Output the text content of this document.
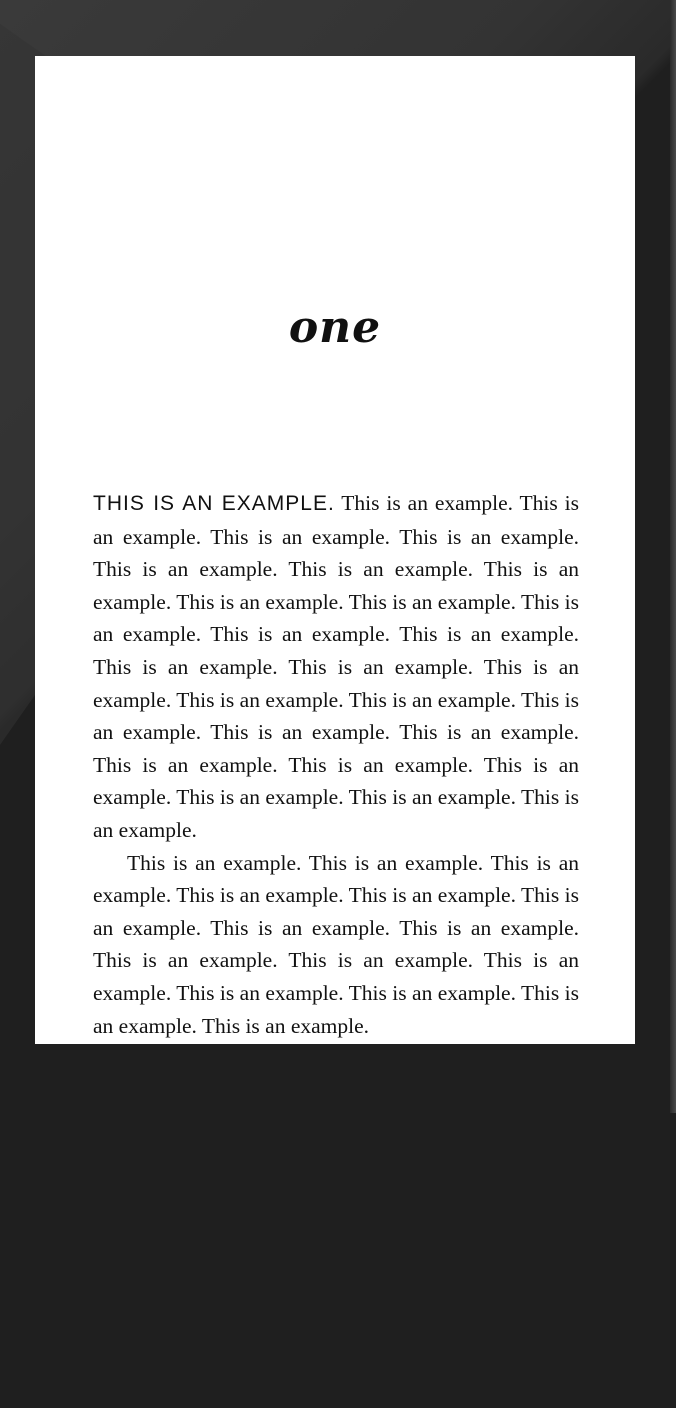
one

THIS IS AN EXAMPLE. This is an example. This is an example. This is an example. This is an example. This is an example. This is an example. This is an example. This is an example. This is an example. This is an example. This is an example. This is an example. This is an example. This is an example. This is an example. This is an example. This is an example. This is an example. This is an example. This is an example. This is an example. This is an example. This is an example. This is an example. This is an example. This is an example.

This is an example. This is an example. This is an example. This is an example. This is an example. This is an example. This is an example. This is an example. This is an example. This is an example. This is an example. This is an example. This is an example. This is an example. This is an example.
